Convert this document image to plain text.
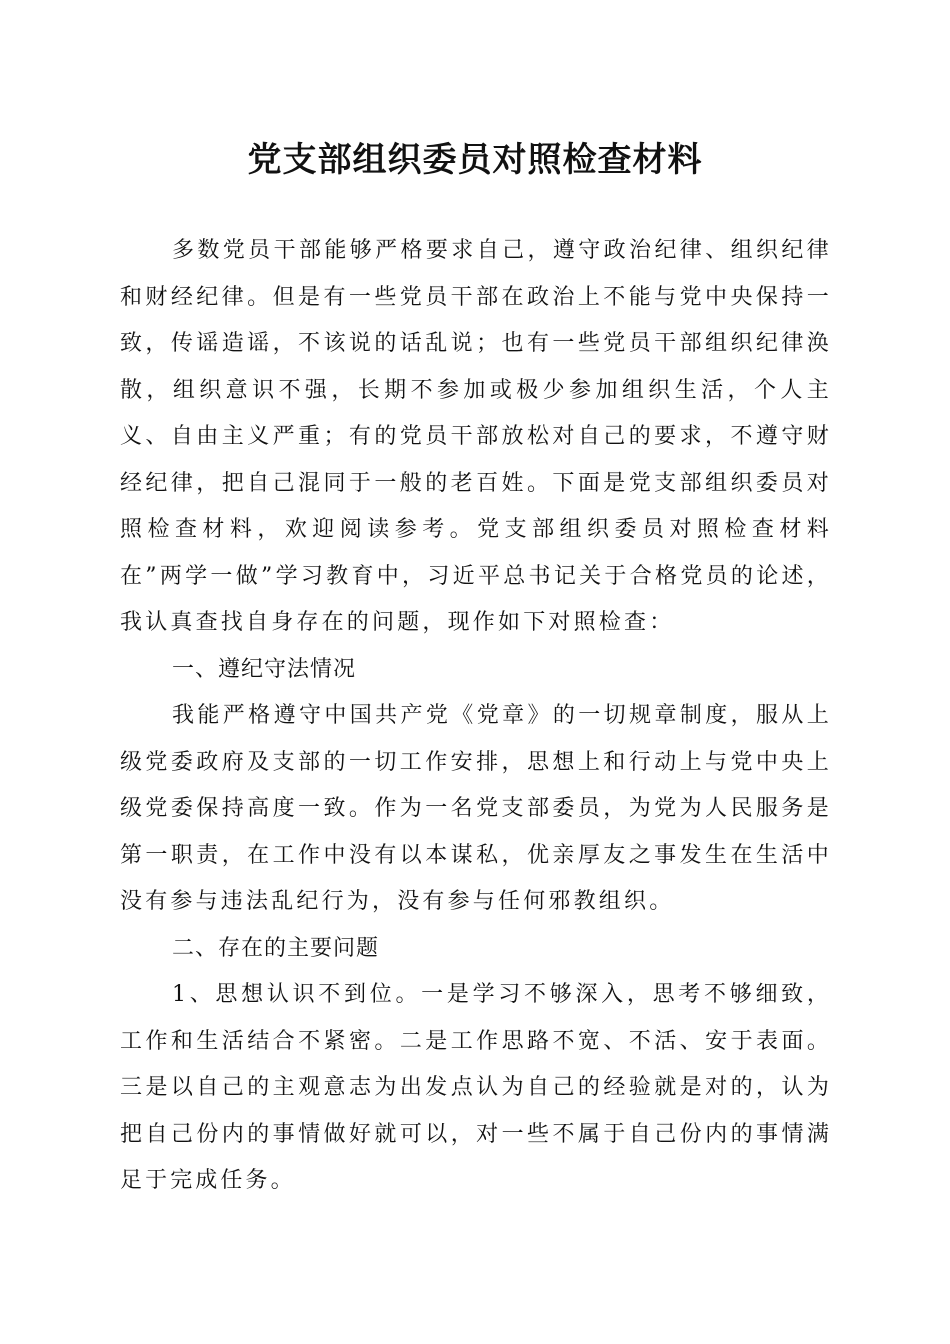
党支部组织委员对照检查材料

多数党员干部能够严格要求自己，遵守政治纪律、组织纪律和财经纪律。但是有一些党员干部在政治上不能与党中央保持一致，传谣造谣，不该说的话乱说；也有一些党员干部组织纪律涣散，组织意识不强，长期不参加或极少参加组织生活，个人主义、自由主义严重；有的党员干部放松对自己的要求，不遵守财经纪律，把自己混同于一般的老百姓。下面是党支部组织委员对照检查材料，欢迎阅读参考。党支部组织委员对照检查材料在”两学一做”学习教育中，习近平总书记关于合格党员的论述，我认真查找自身存在的问题，现作如下对照检查：

一、遵纪守法情况

我能严格遵守中国共产党《党章》的一切规章制度，服从上级党委政府及支部的一切工作安排，思想上和行动上与党中央上级党委保持高度一致。作为一名党支部委员，为党为人民服务是第一职责，在工作中没有以本谋私，优亲厚友之事发生在生活中没有参与违法乱纪行为，没有参与任何邪教组织。

二、存在的主要问题

1、思想认识不到位。一是学习不够深入，思考不够细致，工作和生活结合不紧密。二是工作思路不宽、不活、安于表面。三是以自己的主观意志为出发点认为自己的经验就是对的，认为把自己份内的事情做好就可以，对一些不属于自己份内的事情满足于完成任务。
